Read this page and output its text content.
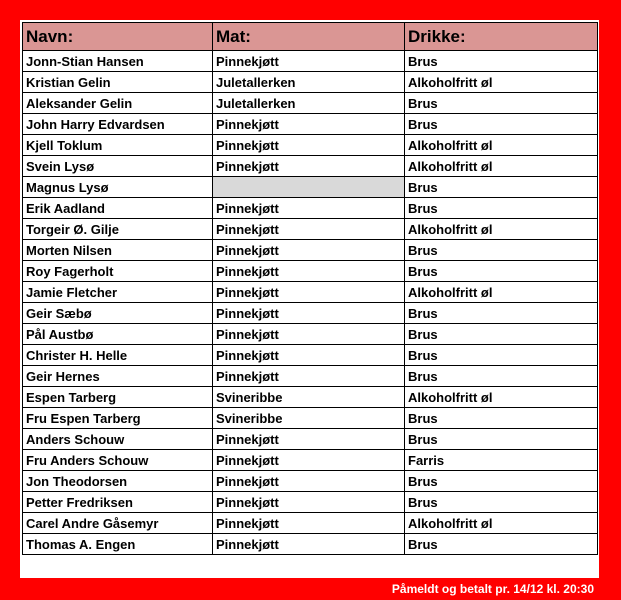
Navn:	Mat:	Drikke:
Jonn-Stian Hansen	Pinnekjøtt	Brus
Kristian Gelin	Juletallerken	Alkoholfritt øl
Aleksander Gelin	Juletallerken	Brus
John Harry Edvardsen	Pinnekjøtt	Brus
Kjell Toklum	Pinnekjøtt	Alkoholfritt øl
Svein Lysø	Pinnekjøtt	Alkoholfritt øl
Magnus Lysø		Brus
Erik Aadland	Pinnekjøtt	Brus
Torgeir Ø. Gilje	Pinnekjøtt	Alkoholfritt øl
Morten Nilsen	Pinnekjøtt	Brus
Roy Fagerholt	Pinnekjøtt	Brus
Jamie Fletcher	Pinnekjøtt	Alkoholfritt øl
Geir Sæbø	Pinnekjøtt	Brus
Pål Austbø	Pinnekjøtt	Brus
Christer H. Helle	Pinnekjøtt	Brus
Geir Hernes	Pinnekjøtt	Brus
Espen Tarberg	Svineribbe	Alkoholfritt øl
Fru Espen Tarberg	Svineribbe	Brus
Anders Schouw	Pinnekjøtt	Brus
Fru Anders Schouw	Pinnekjøtt	Farris
Jon Theodorsen	Pinnekjøtt	Brus
Petter Fredriksen	Pinnekjøtt	Brus
Carel Andre Gåsemyr	Pinnekjøtt	Alkoholfritt øl
Thomas A. Engen	Pinnekjøtt	Brus
Påmeldt og betalt pr. 14/12 kl. 20:30
